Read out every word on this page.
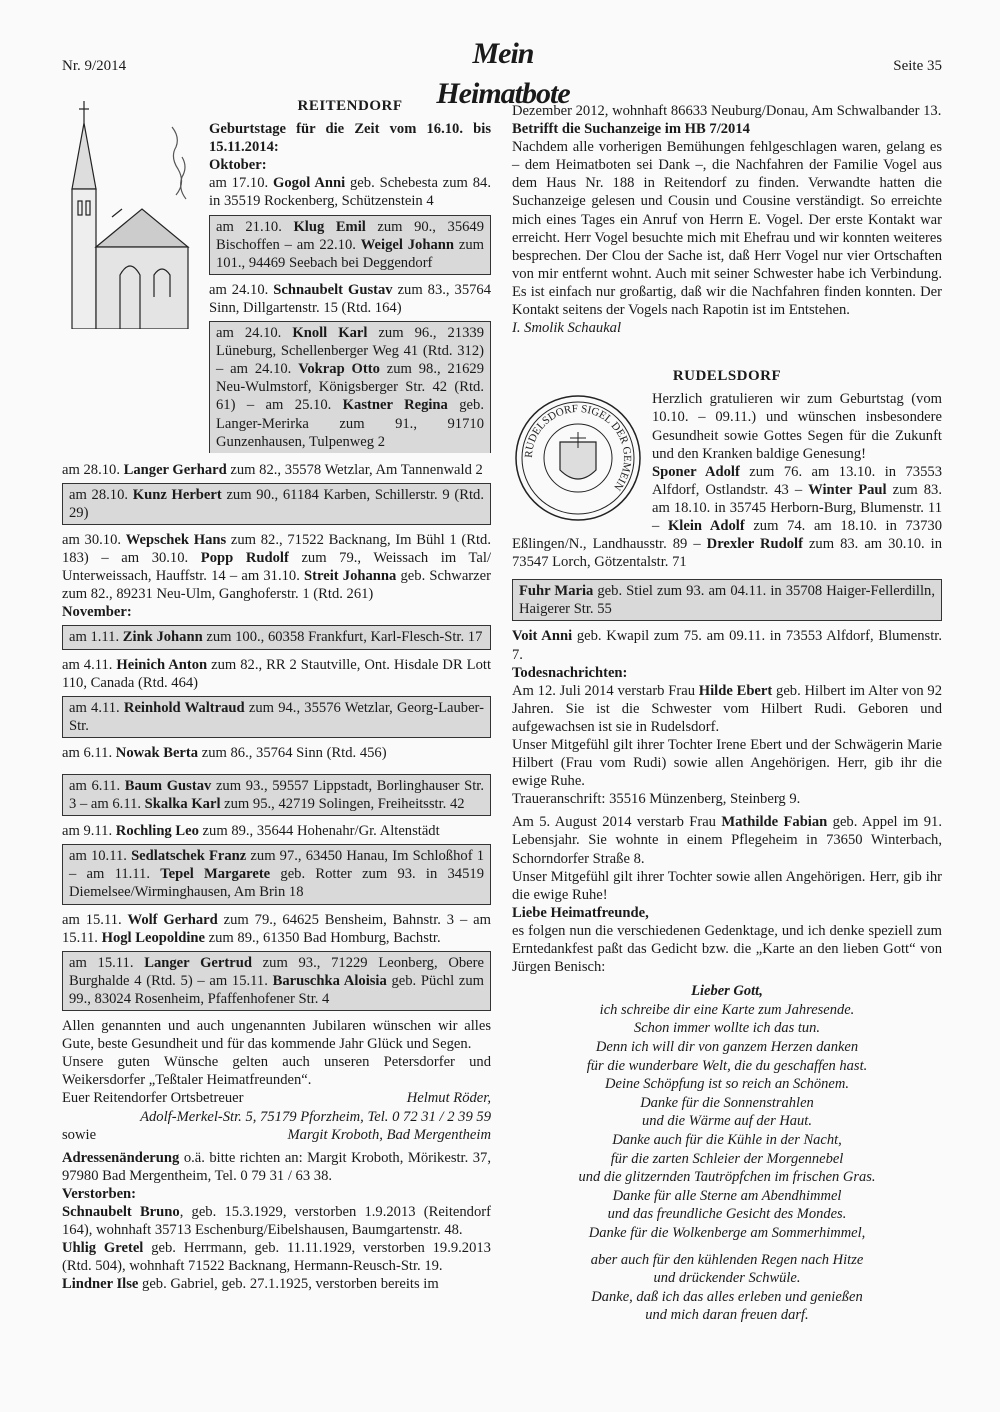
Nr. 9/2014	Mein Heimatbote
Seite 35
REITENDORF

Geburtstage für die Zeit vom 16.10. bis 15.11.2014:

Oktober:

am 17.10. Gogol Anni geb. Schebesta zum 84. in 35519 Rockenberg, Schützenstein 4

am 21.10. Klug Emil zum 90., 35649 Bischoffen – am 22.10. Weigel Johann zum 101., 94469 Seebach bei Deggendorf

am 24.10. Schnaubelt Gustav zum 83., 35764 Sinn, Dillgartenstr. 15 (Rtd. 164)

am 24.10. Knoll Karl zum 96., 21339 Lüneburg, Schellenberger Weg 41 (Rtd. 312) – am 24.10. Vokrap Otto zum 98., 21629 Neu-Wulmstorf, Königsberger Str. 42 (Rtd. 61) – am 25.10. Kastner Regina geb. Langer-Merirka zum 91., 91710 Gunzenhausen, Tulpenweg 2

am 28.10. Langer Gerhard zum 82., 35578 Wetzlar, Am Tannenwald 2

am 28.10. Kunz Herbert zum 90., 61184 Karben, Schillerstr. 9 (Rtd. 29)

am 30.10. Wepschek Hans zum 82., 71522 Backnang, Im Bühl 1 (Rtd. 183) – am 30.10. Popp Rudolf zum 79., Weissach im Tal/ Unterweissach, Hauffstr. 14 – am 31.10. Streit Johanna geb. Schwarzer zum 82., 89231 Neu-Ulm, Ganghoferstr. 1 (Rtd. 261)

November:

am 1.11. Zink Johann zum 100., 60358 Frankfurt, Karl-Flesch-Str. 17

am 4.11. Heinich Anton zum 82., RR 2 Stautville, Ont. Hisdale DR Lott 110, Canada (Rtd. 464)

am 4.11. Reinhold Waltraud zum 94., 35576 Wetzlar, Georg-Lauber-Str.

am 6.11. Nowak Berta zum 86., 35764 Sinn (Rtd. 456)

am 6.11. Baum Gustav zum 93., 59557 Lippstadt, Borlinghauser Str. 3 – am 6.11. Skalka Karl zum 95., 42719 Solingen, Freiheitsstr. 42

am 9.11. Rochling Leo zum 89., 35644 Hohenahr/Gr. Altenstädt

am 10.11. Sedlatschek Franz zum 97., 63450 Hanau, Im Schloßhof 1 – am 11.11. Tepel Margarete geb. Rotter zum 93. in 34519 Diemelsee/Wirminghausen, Am Brin 18

am 15.11. Wolf Gerhard zum 79., 64625 Bensheim, Bahnstr. 3 – am 15.11. Hogl Leopoldine zum 89., 61350 Bad Homburg, Bachstr.

am 15.11. Langer Gertrud zum 93., 71229 Leonberg, Obere Burghalde 4 (Rtd. 5) – am 15.11. Baruschka Aloisia geb. Püchl zum 99., 83024 Rosenheim, Pfaffenhofener Str. 4

Allen genannten und auch ungenannten Jubilaren wünschen wir alles Gute, beste Gesundheit und für das kommende Jahr Glück und Segen.

Unsere guten Wünsche gelten auch unseren Petersdorfer und Weikersdorfer „Teßtaler Heimatfreunden“.

Euer Reitendorfer Ortsbetreuer	Helmut Röder,

Adolf-Merkel-Str. 5, 75179 Pforzheim, Tel. 0 72 31 / 2 39 59

sowie	Margit Kroboth, Bad Mergentheim

Adressenänderung o.ä. bitte richten an: Margit Kroboth, Mörikestr. 37, 97980 Bad Mergentheim, Tel. 0 79 31 / 63 38.

Verstorben:

Schnaubelt Bruno, geb. 15.3.1929, verstorben 1.9.2013 (Reitendorf 164), wohnhaft 35713 Eschenburg/Eibelshausen, Baumgartenstr. 48.

Uhlig Gretel geb. Herrmann, geb. 11.11.1929, verstorben 19.9.2013 (Rtd. 504), wohnhaft 71522 Backnang, Hermann-Reusch-Str. 19.

Lindner Ilse geb. Gabriel, geb. 27.1.1925, verstorben bereits im

Dezember 2012, wohnhaft 86633 Neuburg/Donau, Am Schwalbander 13.

Betrifft die Suchanzeige im HB 7/2014

Nachdem alle vorherigen Bemühungen fehlgeschlagen waren, gelang es – dem Heimatboten sei Dank –, die Nachfahren der Familie Vogel aus dem Haus Nr. 188 in Reitendorf zu finden. Verwandte hatten die Suchanzeige gelesen und Cousin und Cousine verständigt. So erreichte mich eines Tages ein Anruf von Herrn E. Vogel. Der erste Kontakt war erreicht. Herr Vogel besuchte mich mit Ehefrau und wir konnten weiteres besprechen. Der Clou der Sache ist, daß Herr Vogel nur vier Ortschaften von mir entfernt wohnt. Auch mit seiner Schwester habe ich Verbindung. Es ist einfach nur großartig, daß wir die Nachfahren finden konnten. Der Kontakt seitens der Vogels nach Rapotin ist im Entstehen.

I. Smolik Schaukal

RUDELSDORF
RUDELSDORF SIGEL DER GEMEIN

Herzlich gratulieren wir zum Geburtstag (vom 10.10. – 09.11.) und wünschen insbesondere Gesundheit sowie Gottes Segen für die Zukunft und den Kranken baldige Genesung!

Sponer Adolf zum 76. am 13.10. in 73553 Alfdorf, Ostlandstr. 43 – Winter Paul zum 83. am 18.10. in 35745 Herborn-Burg, Blumenstr. 11 – Klein Adolf zum 74. am 18.10. in 73730 Eßlingen/N., Landhausstr. 89 – Drexler Rudolf zum 83. am 30.10. in 73547 Lorch, Götzentalstr. 71

Fuhr Maria geb. Stiel zum 93. am 04.11. in 35708 Haiger-Fellerdilln, Haigerer Str. 55

Voit Anni geb. Kwapil zum 75. am 09.11. in 73553 Alfdorf, Blumenstr. 7.

Todesnachrichten:

Am 12. Juli 2014 verstarb Frau Hilde Ebert geb. Hilbert im Alter von 92 Jahren. Sie ist die Schwester vom Hilbert Rudi. Geboren und aufgewachsen ist sie in Rudelsdorf.

Unser Mitgefühl gilt ihrer Tochter Irene Ebert und der Schwägerin Marie Hilbert (Frau vom Rudi) sowie allen Angehörigen. Herr, gib ihr die ewige Ruhe.

Traueranschrift: 35516 Münzenberg, Steinberg 9.

Am 5. August 2014 verstarb Frau Mathilde Fabian geb. Appel im 91. Lebensjahr. Sie wohnte in einem Pflegeheim in 73650 Winterbach, Schorndorfer Straße 8.

Unser Mitgefühl gilt ihrer Tochter sowie allen Angehörigen. Herr, gib ihr die ewige Ruhe!

Liebe Heimatfreunde,

es folgen nun die verschiedenen Gedenktage, und ich denke speziell zum Erntedankfest paßt das Gedicht bzw. die „Karte an den lieben Gott“ von Jürgen Benisch:

Lieber Gott,
ich schreibe dir eine Karte zum Jahresende.
Schon immer wollte ich das tun.
Denn ich will dir von ganzem Herzen danken
für die wunderbare Welt, die du geschaffen hast.
Deine Schöpfung ist so reich an Schönem.
Danke für die Sonnenstrahlen
und die Wärme auf der Haut.
Danke auch für die Kühle in der Nacht,
für die zarten Schleier der Morgennebel
und die glitzernden Tautröpfchen im frischen Gras.
Danke für alle Sterne am Abendhimmel
und das freundliche Gesicht des Mondes.
Danke für die Wolkenberge am Sommerhimmel,
aber auch für den kühlenden Regen nach Hitze
und drückender Schwüle.
Danke, daß ich das alles erleben und genießen
und mich daran freuen darf.
